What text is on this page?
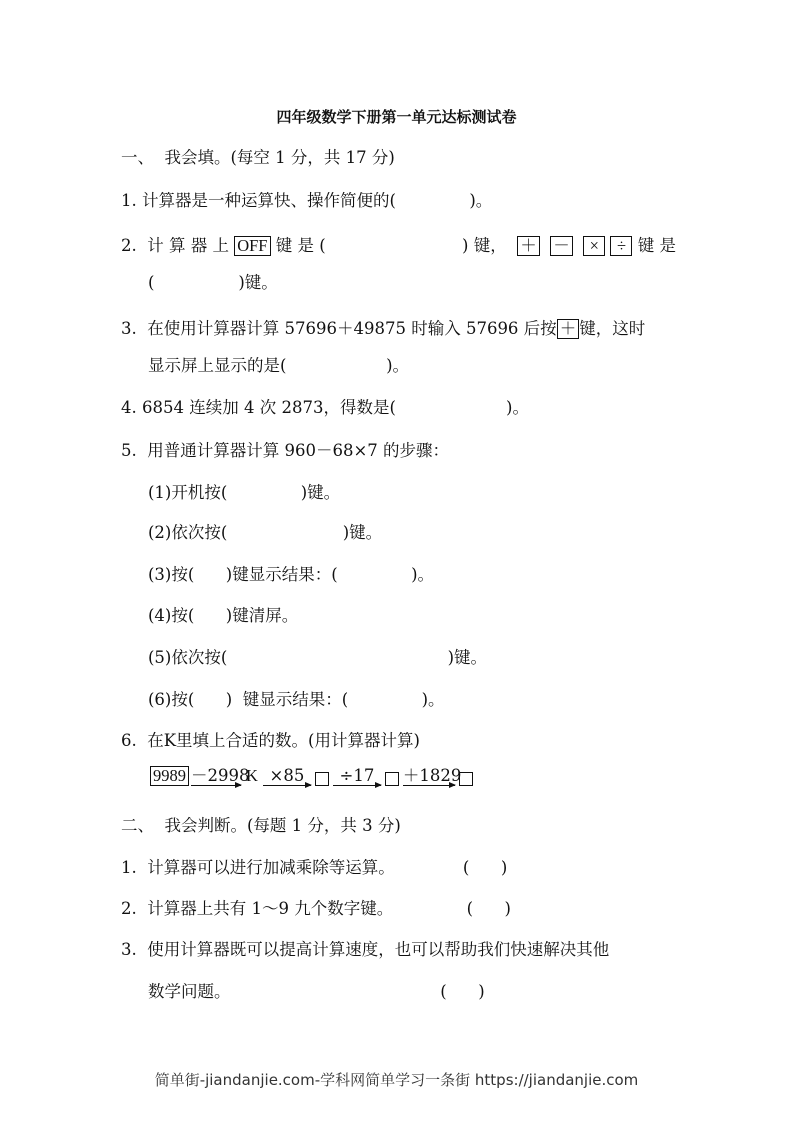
四年级数学下册第一单元达标测试卷
一、  我会填。(每空 1 分，共 17 分)
1. 计算器是一种运算快、操作简便的(              )。
2.  计 算 器 上 OFF 键 是 (                          ) 键，  ＋ － × ÷ 键 是
(                )键。
3.  在使用计算器计算 57696＋49875 时输入 57696 后按 ＋ 键，这时
显示屏上显示的是(                   )。
4. 6854 连续加 4 次 2873，得数是(                     )。
5.  用普通计算器计算 960－68×7 的步骤：
(1)开机按(              )键。
(2)依次按(                      )键。
(3)按(      )键显示结果：(              )。
(4)按(      )键清屏。
(5)依次按(                                          )键。
(6)按(      )  键显示结果：(              )。
6.  在K里填上合适的数。(用计算器计算)
9989 －2998
K ×85	÷17	＋1829
二、  我会判断。(每题 1 分，共 3 分)
1.  计算器可以进行加减乘除等运算。             (      )
2.  计算器上共有 1～9 九个数字键。              (      )
3.  使用计算器既可以提高计算速度，也可以帮助我们快速解决其他
数学问题。                                        (      )
简单街-jiandanjie.com-学科网简单学习一条街 https://jiandanjie.com
